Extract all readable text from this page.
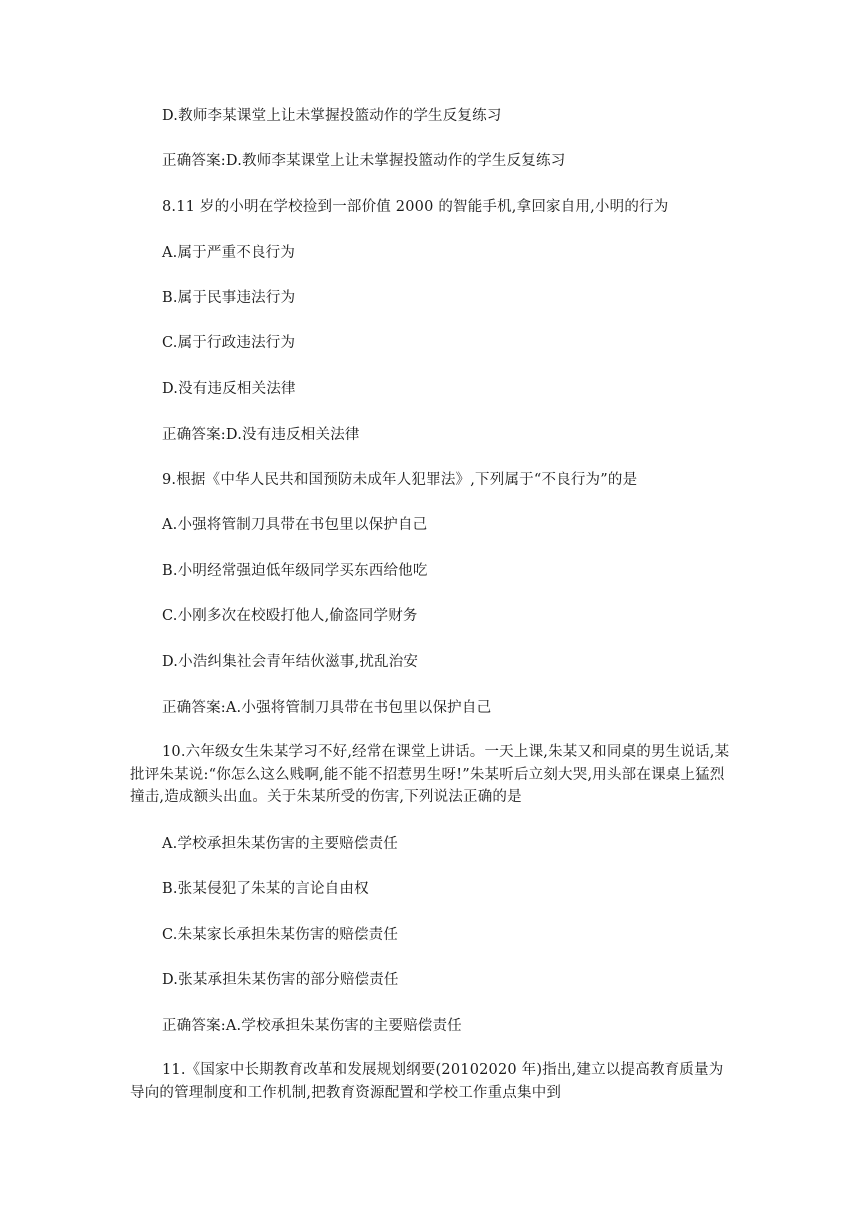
D.教师李某课堂上让未掌握投篮动作的学生反复练习
正确答案:D.教师李某课堂上让未掌握投篮动作的学生反复练习
8.11 岁的小明在学校捡到一部价值 2000 的智能手机,拿回家自用,小明的行为
A.属于严重不良行为
B.属于民事违法行为
C.属于行政违法行为
D.没有违反相关法律
正确答案:D.没有违反相关法律
9.根据《中华人民共和国预防未成年人犯罪法》,下列属于“不良行为”的是
A.小强将管制刀具带在书包里以保护自己
B.小明经常强迫低年级同学买东西给他吃
C.小刚多次在校殴打他人,偷盗同学财务
D.小浩纠集社会青年结伙滋事,扰乱治安
正确答案:A.小强将管制刀具带在书包里以保护自己
10.六年级女生朱某学习不好,经常在课堂上讲话。一天上课,朱某又和同桌的男生说话,某批评朱某说:“你怎么这么贱啊,能不能不招惹男生呀!”朱某听后立刻大哭,用头部在课桌上猛烈撞击,造成额头出血。关于朱某所受的伤害,下列说法正确的是
A.学校承担朱某伤害的主要赔偿责任
B.张某侵犯了朱某的言论自由权
C.朱某家长承担朱某伤害的赔偿责任
D.张某承担朱某伤害的部分赔偿责任
正确答案:A.学校承担朱某伤害的主要赔偿责任
11.《国家中长期教育改革和发展规划纲要(20102020 年)指出,建立以提高教育质量为导向的管理制度和工作机制,把教育资源配置和学校工作重点集中到
